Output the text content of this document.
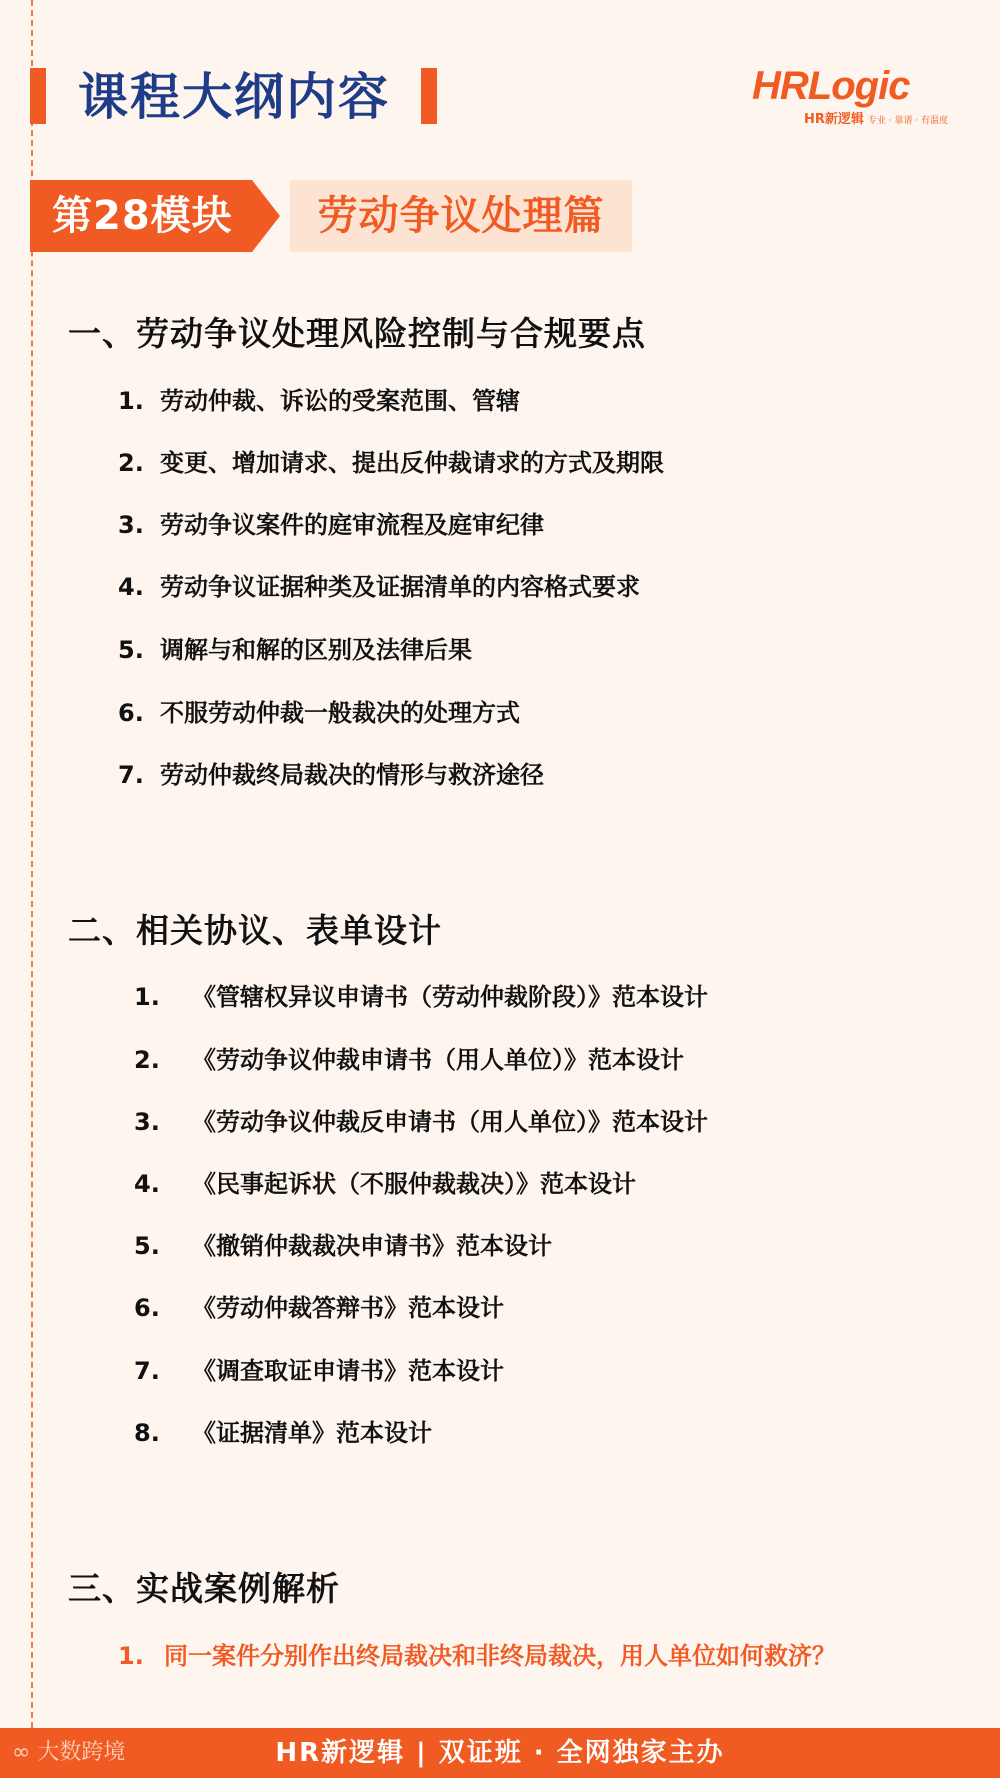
课程大纲内容	HRLogic
HR新逻辑 专业 · 靠谱 · 有温度
第28模块	劳动争议处理篇
一、劳动争议处理风险控制与合规要点
1. 劳动仲裁、诉讼的受案范围、管辖
2. 变更、增加请求、提出反仲裁请求的方式及期限
3. 劳动争议案件的庭审流程及庭审纪律
4. 劳动争议证据种类及证据清单的内容格式要求
5. 调解与和解的区别及法律后果
6. 不服劳动仲裁一般裁决的处理方式
7. 劳动仲裁终局裁决的情形与救济途径
二、相关协议、表单设计
1. 《管辖权异议申请书（劳动仲裁阶段）》范本设计
2. 《劳动争议仲裁申请书（用人单位）》范本设计
3. 《劳动争议仲裁反申请书（用人单位）》范本设计
4. 《民事起诉状（不服仲裁裁决）》范本设计
5. 《撤销仲裁裁决申请书》范本设计
6. 《劳动仲裁答辩书》范本设计
7. 《调查取证申请书》范本设计
8. 《证据清单》范本设计
三、实战案例解析
1. 同一案件分别作出终局裁决和非终局裁决，用人单位如何救济？
∞ 大数跨境	HR新逻辑 | 双证班 · 全网独家主办
